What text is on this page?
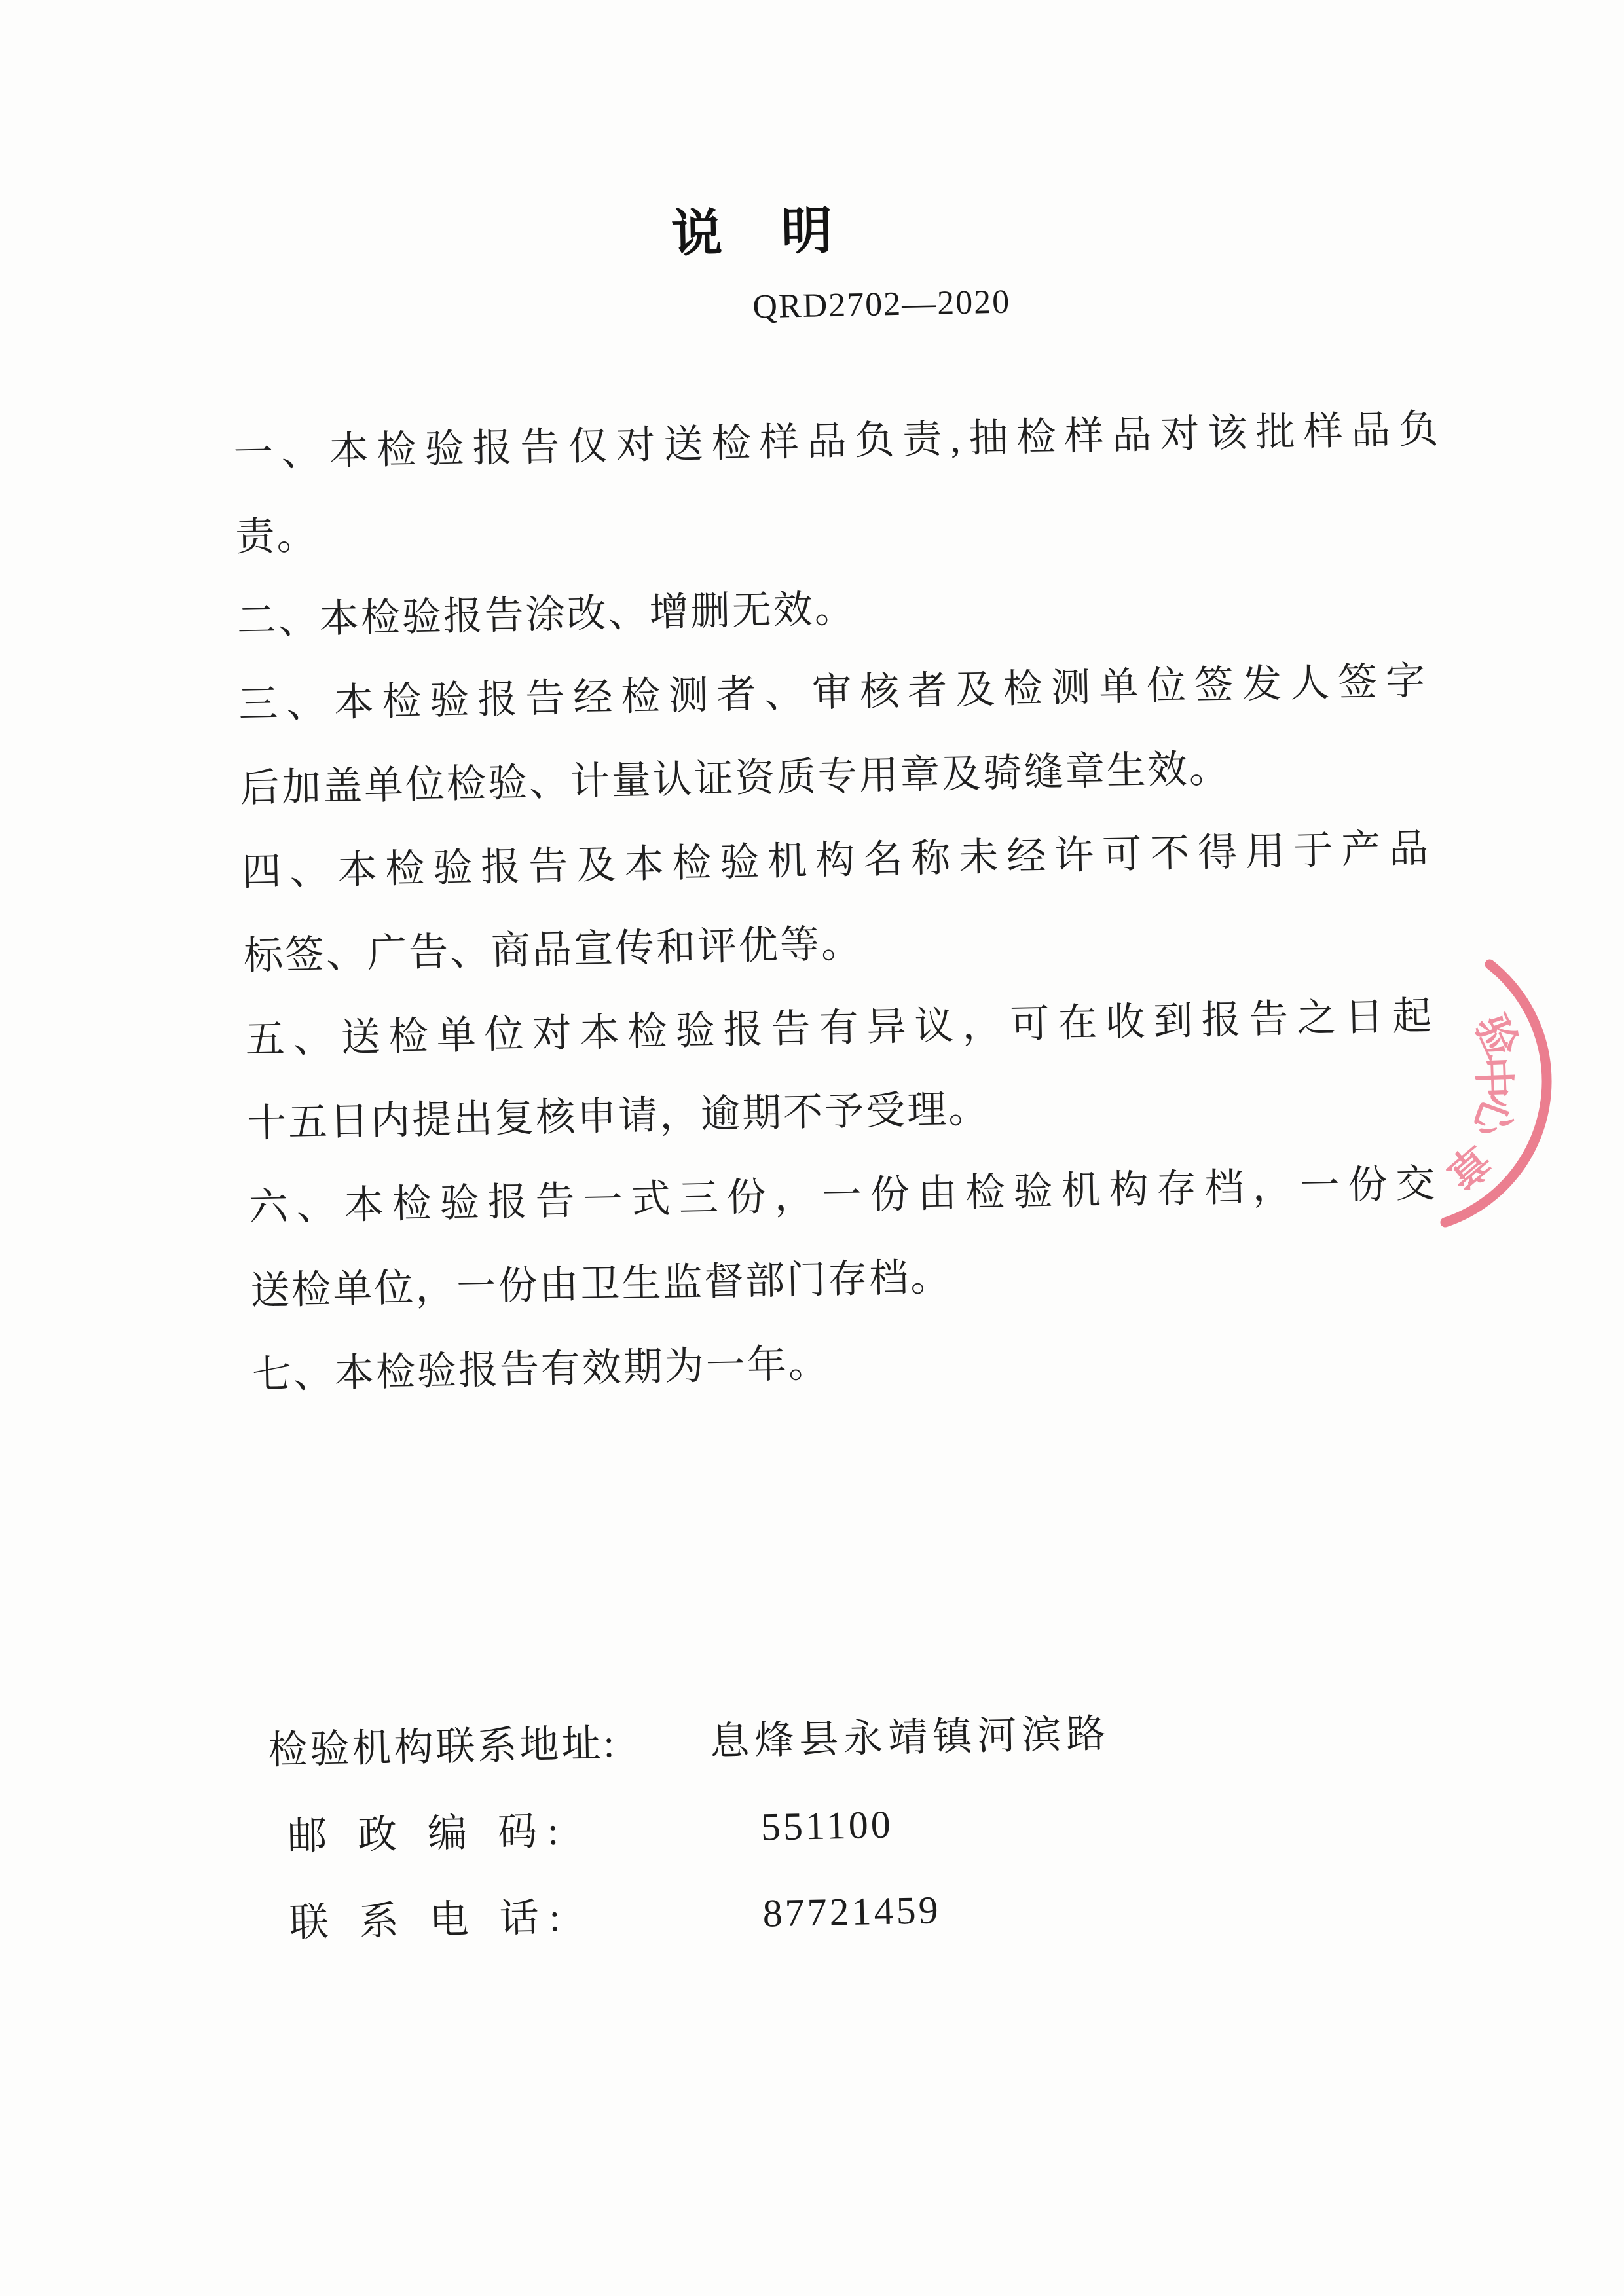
说　明
QRD2702—2020
一、本检验报告仅对送检样品负责,抽检样品对该批样品负
责。
二、本检验报告涂改、增删无效。
三、本检验报告经检测者、审核者及检测单位签发人签字
后加盖单位检验、计量认证资质专用章及骑缝章生效。
四、本检验报告及本检验机构名称未经许可不得用于产品
标签、广告、商品宣传和评优等。
五、送检单位对本检验报告有异议，可在收到报告之日起
十五日内提出复核申请，逾期不予受理。
六、本检验报告一式三份，一份由检验机构存档，一份交
送检单位，一份由卫生监督部门存档。
七、本检验报告有效期为一年。
检验机构联系地址: 息烽县永靖镇河滨路
邮 政 编 码:	551100
联 系 电 话:	87721459
验
中
心
章
